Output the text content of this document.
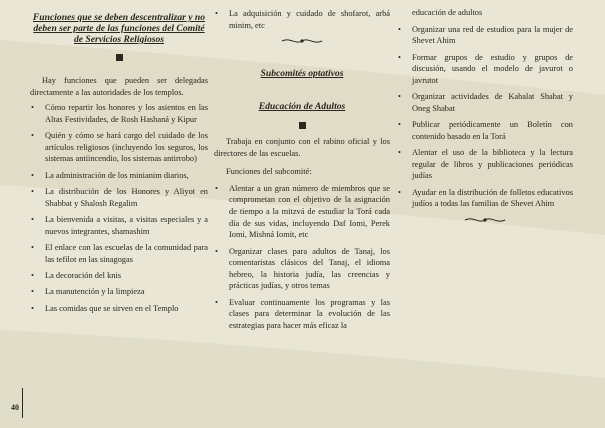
Funciones que se deben descentralizar y no deben ser parte de las funciones del Comité de Servicios Religiosos

Hay funciones que pueden ser delegadas directamente a las autoridades de los templos.

• Cómo repartir los honores y los asientos en las Altas Festividades, de Rosh Hashaná y Kipur
• Quién y cómo se hará cargo del cuidado de los artículos religiosos (incluyendo los seguros, los sistemas antiincendio, los sistemas antirrobo)
• La administración de los minianim diarios,
• La distribución de los Honores y Aliyot en Shabbat y Shalosh Regalim
• La bienvenida a visitas, a visitas especiales y a nuevos integrantes, shamashim
• El enlace con las escuelas de la comunidad para las tefilot en las sinagogas
• La decoración del knis
• La manutención y la limpieza
• Las comidas que se sirven en el Templo
• La adquisición y cuidado de shofarot, arbá minim, etc
Subcomités optativos
Educación de Adultos

Trabaja en conjunto con el rabino oficial y los directores de las escuelas.

Funciones del subcomité:

• Alentar a un gran número de miembros que se comprometan con el objetivo de la asignación de tiempo a la mitzvá de estudiar la Torá cada día de sus vidas, incluyendo Daf Iomi, Perek Iomi, Mishná Iomit, etc
• Organizar clases para adultos de Tanaj, los comentaristas clásicos del Tanaj, el idioma hebreo, la historia judía, las creencias y prácticas judías, y otros temas
• Evaluar continuamente los programas y las clases para determinar la evolución de las estrategias para hacer más eficaz la

educación de adultos

• Organizar una red de estudios para la mujer de Shevet Ahim
• Formar grupos de estudio y grupos de discusión, usando el modelo de javurot o javrutot
• Organizar actividades de Kabalat Shabat y Oneg Shabat
• Publicar periódicamente un Boletín con contenido basado en la Torá
• Alentar el uso de la biblioteca y la lectura regular de libros y publicaciones periódicas judías
• Ayudar en la distribución de folletos educativos judíos a todas las familias de Shevet Ahim
40
